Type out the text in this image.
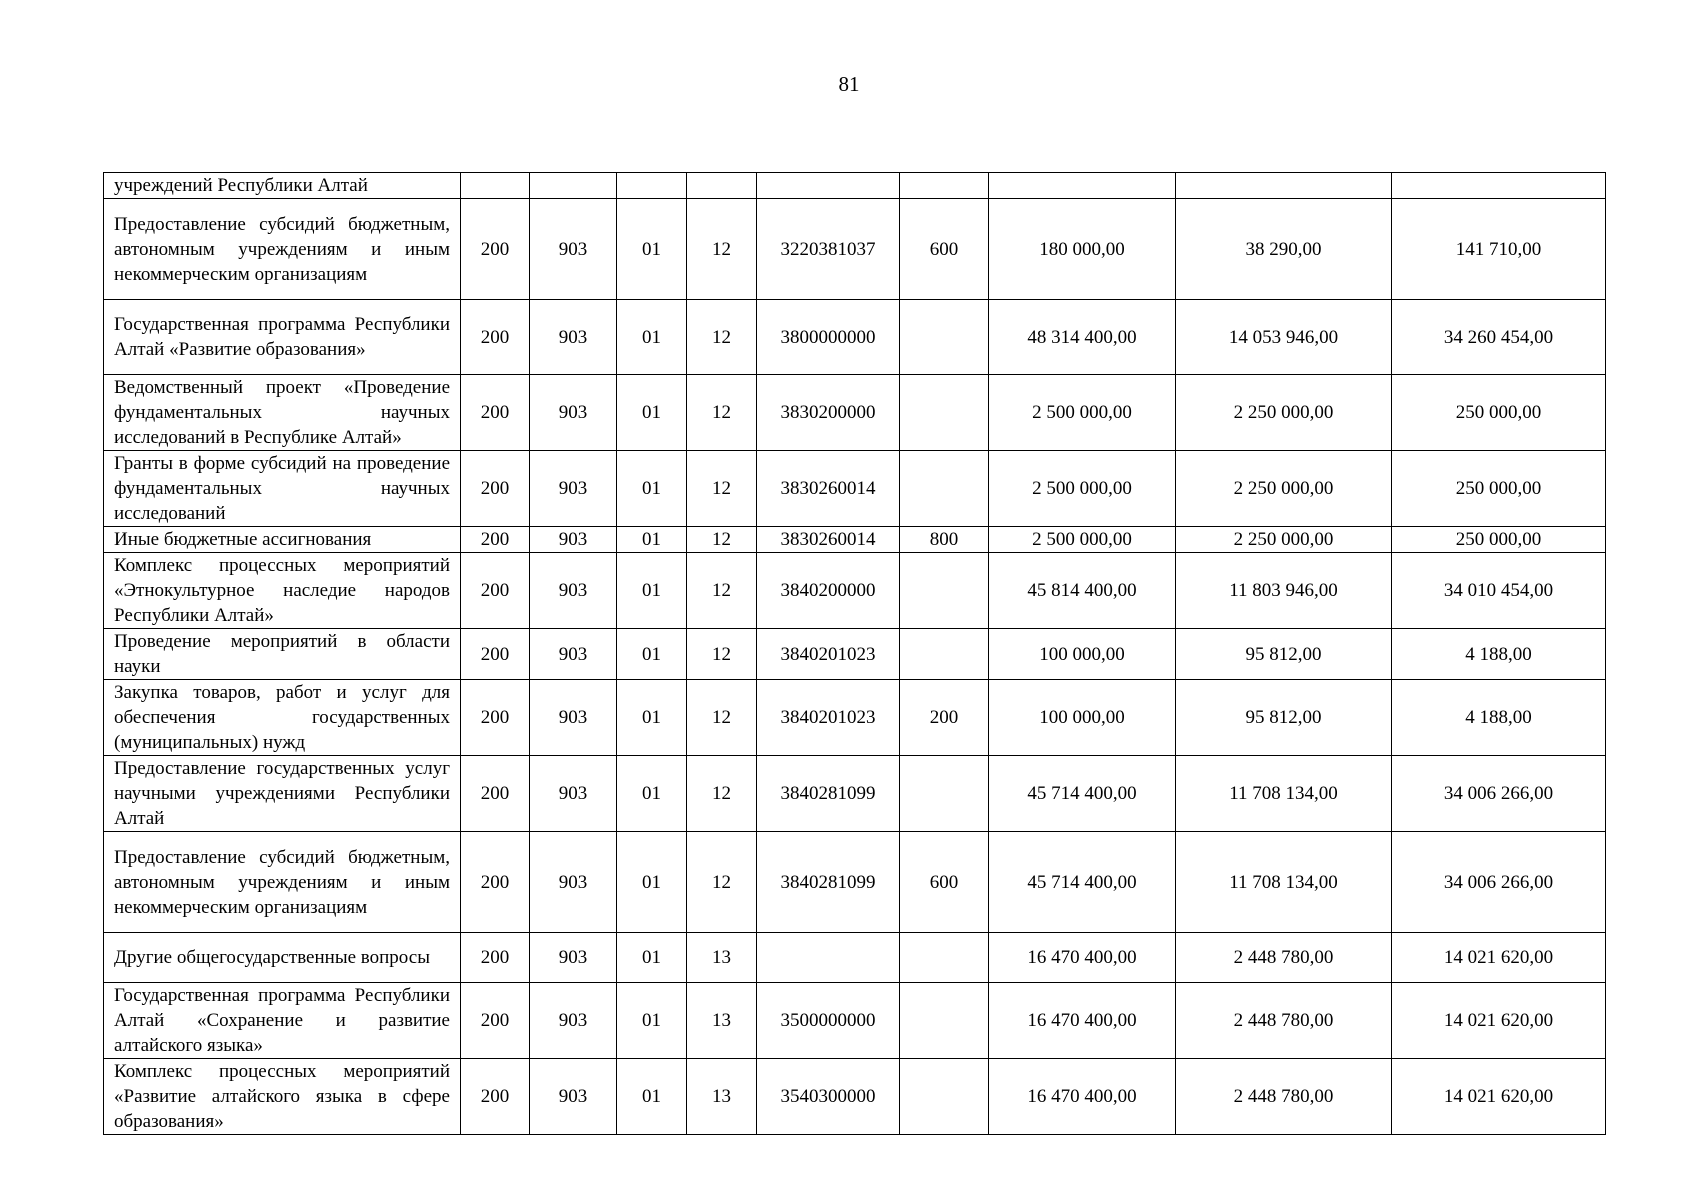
81
учреждений Республики Алтай									
Предоставление субсидий бюджетным, автономным учреждениям и иным некоммерческим организациям	200	903	01	12	3220381037	600	180 000,00	38 290,00	141 710,00
Государственная программа Республики Алтай «Развитие образования»	200	903	01	12	3800000000		48 314 400,00	14 053 946,00	34 260 454,00
Ведомственный проект «Проведение фундаментальных научных исследований в Республике Алтай»	200	903	01	12	3830200000		2 500 000,00	2 250 000,00	250 000,00
Гранты в форме субсидий на проведение фундаментальных научных исследований	200	903	01	12	3830260014		2 500 000,00	2 250 000,00	250 000,00
Иные бюджетные ассигнования	200	903	01	12	3830260014	800	2 500 000,00	2 250 000,00	250 000,00
Комплекс процессных мероприятий «Этнокультурное наследие народов Республики Алтай»	200	903	01	12	3840200000		45 814 400,00	11 803 946,00	34 010 454,00
Проведение мероприятий в области науки	200	903	01	12	3840201023		100 000,00	95 812,00	4 188,00
Закупка товаров, работ и услуг для обеспечения государственных (муниципальных) нужд	200	903	01	12	3840201023	200	100 000,00	95 812,00	4 188,00
Предоставление государственных услуг научными учреждениями Республики Алтай	200	903	01	12	3840281099		45 714 400,00	11 708 134,00	34 006 266,00
Предоставление субсидий бюджетным, автономным учреждениям и иным некоммерческим организациям	200	903	01	12	3840281099	600	45 714 400,00	11 708 134,00	34 006 266,00
Другие общегосударственные вопросы	200	903	01	13			16 470 400,00	2 448 780,00	14 021 620,00
Государственная программа Республики Алтай «Сохранение и развитие алтайского языка»	200	903	01	13	3500000000		16 470 400,00	2 448 780,00	14 021 620,00
Комплекс процессных мероприятий «Развитие алтайского языка в сфере образования»	200	903	01	13	3540300000		16 470 400,00	2 448 780,00	14 021 620,00
